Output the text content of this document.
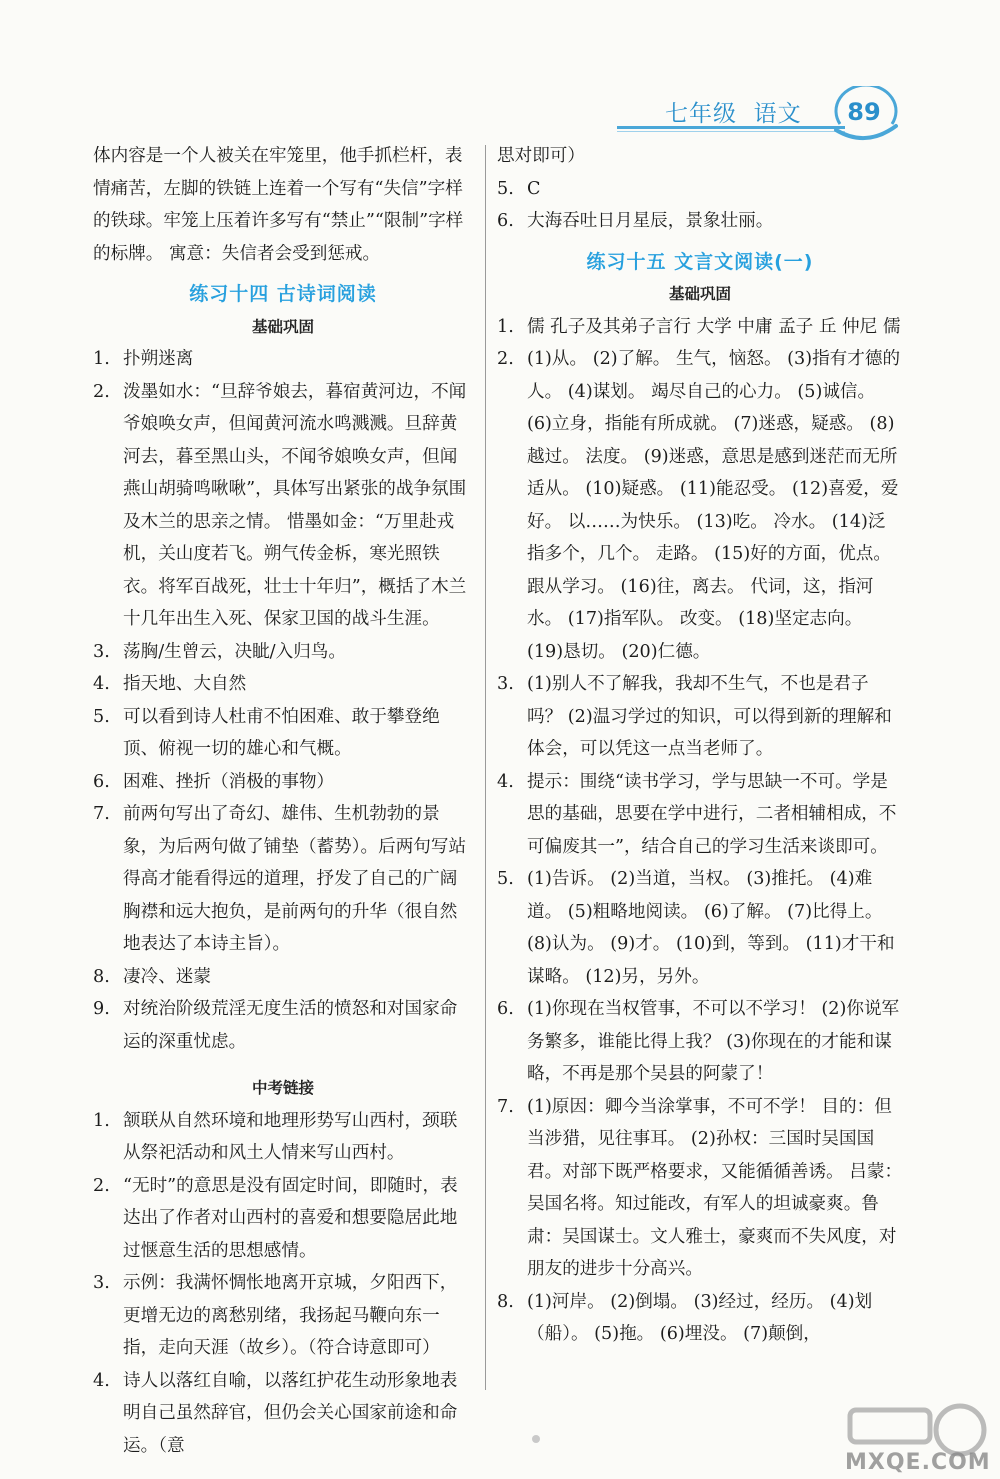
七年级  语文	89

体内容是一个人被关在牢笼里，他手抓栏杆，表情痛苦，左脚的铁链上连着一个写有“失信”字样的铁球。牢笼上压着许多写有“禁止”“限制”字样的标牌。 寓意：失信者会受到惩戒。

练习十四 古诗词阅读

基础巩固

1. 扑朔迷离
2. 泼墨如水：“旦辞爷娘去，暮宿黄河边，不闻爷娘唤女声，但闻黄河流水鸣溅溅。旦辞黄河去，暮至黑山头，不闻爷娘唤女声，但闻燕山胡骑鸣啾啾”，具体写出紧张的战争氛围及木兰的思亲之情。 惜墨如金：“万里赴戎机，关山度若飞。朔气传金柝，寒光照铁衣。将军百战死，壮士十年归”，概括了木兰十几年出生入死、保家卫国的战斗生涯。
3. 荡胸/生曾云，决眦/入归鸟。
4. 指天地、大自然
5. 可以看到诗人杜甫不怕困难、敢于攀登绝顶、俯视一切的雄心和气概。
6. 困难、挫折（消极的事物）
7. 前两句写出了奇幻、雄伟、生机勃勃的景象，为后两句做了铺垫（蓄势）。后两句写站得高才能看得远的道理，抒发了自己的广阔胸襟和远大抱负，是前两句的升华（很自然地表达了本诗主旨）。
8. 凄冷、迷蒙
9. 对统治阶级荒淫无度生活的愤怒和对国家命运的深重忧虑。

中考链接

1. 颔联从自然环境和地理形势写山西村，颈联从祭祀活动和风土人情来写山西村。
2. “无时”的意思是没有固定时间，即随时，表达出了作者对山西村的喜爱和想要隐居此地过惬意生活的思想感情。
3. 示例：我满怀惆怅地离开京城，夕阳西下，更增无边的离愁别绪，我扬起马鞭向东一指，走向天涯（故乡）。（符合诗意即可）
4. 诗人以落红自喻，以落红护花生动形象地表明自己虽然辞官，但仍会关心国家前途和命运。（意

思对即可）

5. C
6. 大海吞吐日月星辰，景象壮丽。

练习十五 文言文阅读(一)

基础巩固

1. 儒 孔子及其弟子言行 大学 中庸 孟子 丘 仲尼 儒
2. (1)从。 (2)了解。 生气，恼怒。 (3)指有才德的人。 (4)谋划。 竭尽自己的心力。 (5)诚信。 (6)立身，指能有所成就。 (7)迷惑，疑惑。 (8)越过。 法度。 (9)迷惑，意思是感到迷茫而无所适从。 (10)疑惑。 (11)能忍受。 (12)喜爱，爱好。 以……为快乐。 (13)吃。 冷水。 (14)泛指多个，几个。 走路。 (15)好的方面，优点。 跟从学习。 (16)往，离去。 代词，这，指河水。 (17)指军队。 改变。 (18)坚定志向。 (19)恳切。 (20)仁德。
3. (1)别人不了解我，我却不生气，不也是君子吗？ (2)温习学过的知识，可以得到新的理解和体会，可以凭这一点当老师了。
4. 提示：围绕“读书学习，学与思缺一不可。学是思的基础，思要在学中进行，二者相辅相成，不可偏废其一”，结合自己的学习生活来谈即可。
5. (1)告诉。 (2)当道，当权。 (3)推托。 (4)难道。 (5)粗略地阅读。 (6)了解。 (7)比得上。 (8)认为。 (9)才。 (10)到，等到。 (11)才干和谋略。 (12)另，另外。
6. (1)你现在当权管事，不可以不学习！ (2)你说军务繁多，谁能比得上我？ (3)你现在的才能和谋略，不再是那个吴县的阿蒙了！
7. (1)原因：卿今当涂掌事，不可不学！ 目的：但当涉猎，见往事耳。 (2)孙权：三国时吴国国君。对部下既严格要求，又能循循善诱。 吕蒙：吴国名将。知过能改，有军人的坦诚豪爽。鲁肃：吴国谋士。文人雅士，豪爽而不失风度，对朋友的进步十分高兴。
8. (1)河岸。 (2)倒塌。 (3)经过，经历。 (4)划（船）。 (5)拖。 (6)埋没。 (7)颠倒，
MXQE.COM
